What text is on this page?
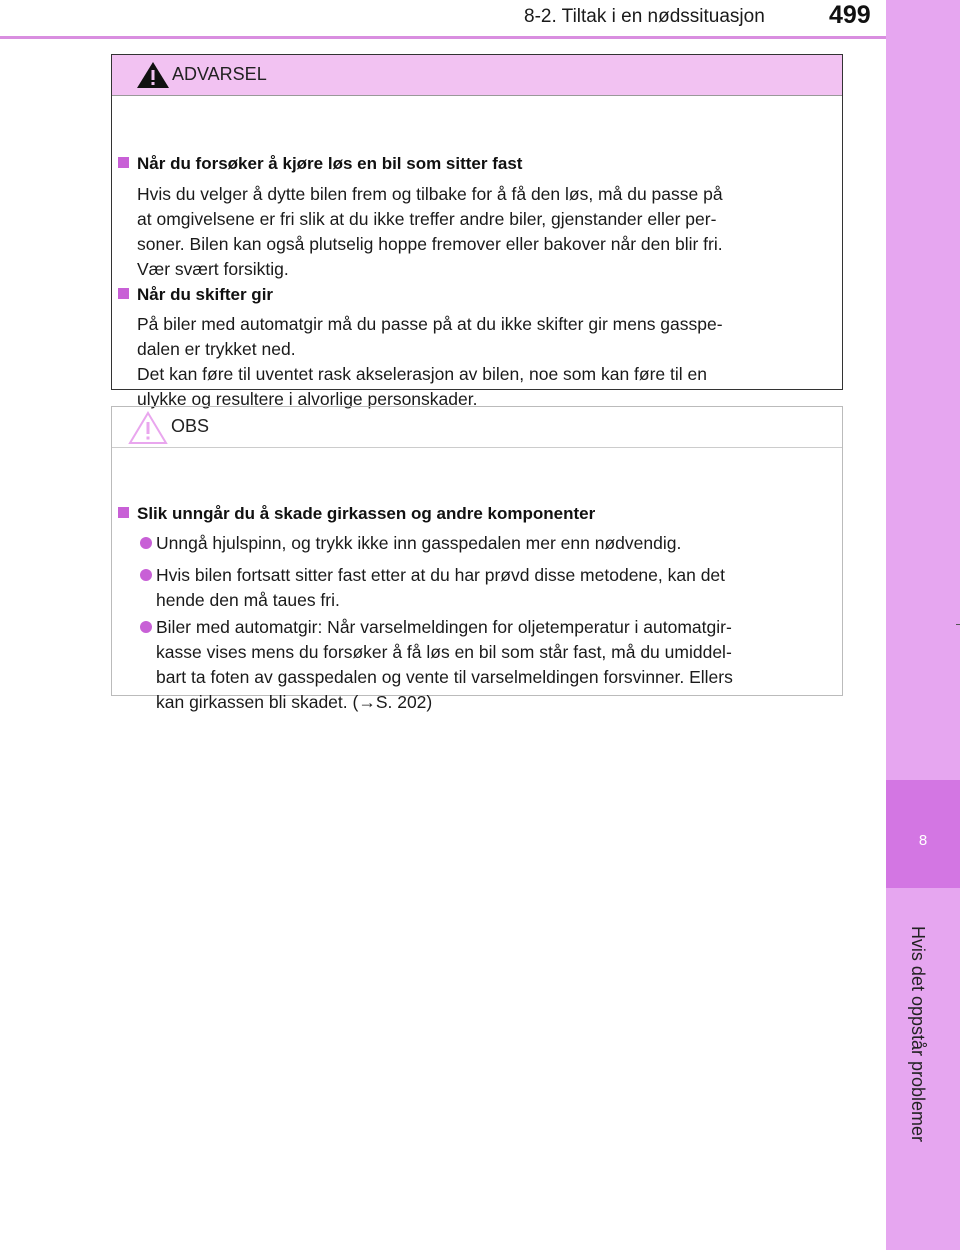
8-2. Tiltak i en nødssituasjon	499
8
Hvis det oppstår problemer
ADVARSEL
Når du forsøker å kjøre løs en bil som sitter fast
Hvis du velger å dytte bilen frem og tilbake for å få den løs, må du passe på
at omgivelsene er fri slik at du ikke treffer andre biler, gjenstander eller per-
soner. Bilen kan også plutselig hoppe fremover eller bakover når den blir fri.
Vær svært forsiktig.
Når du skifter gir
På biler med automatgir må du passe på at du ikke skifter gir mens gasspe-
dalen er trykket ned.
Det kan føre til uventet rask akselerasjon av bilen, noe som kan føre til en
ulykke og resultere i alvorlige personskader.
OBS
Slik unngår du å skade girkassen og andre komponenter
Unngå hjulspinn, og trykk ikke inn gasspedalen mer enn nødvendig.
Hvis bilen fortsatt sitter fast etter at du har prøvd disse metodene, kan det
hende den må taues fri.
Biler med automatgir: Når varselmeldingen for oljetemperatur i automatgir-
kasse vises mens du forsøker å få løs en bil som står fast, må du umiddel-
bart ta foten av gasspedalen og vente til varselmeldingen forsvinner. Ellers
kan girkassen bli skadet. (→S. 202)
